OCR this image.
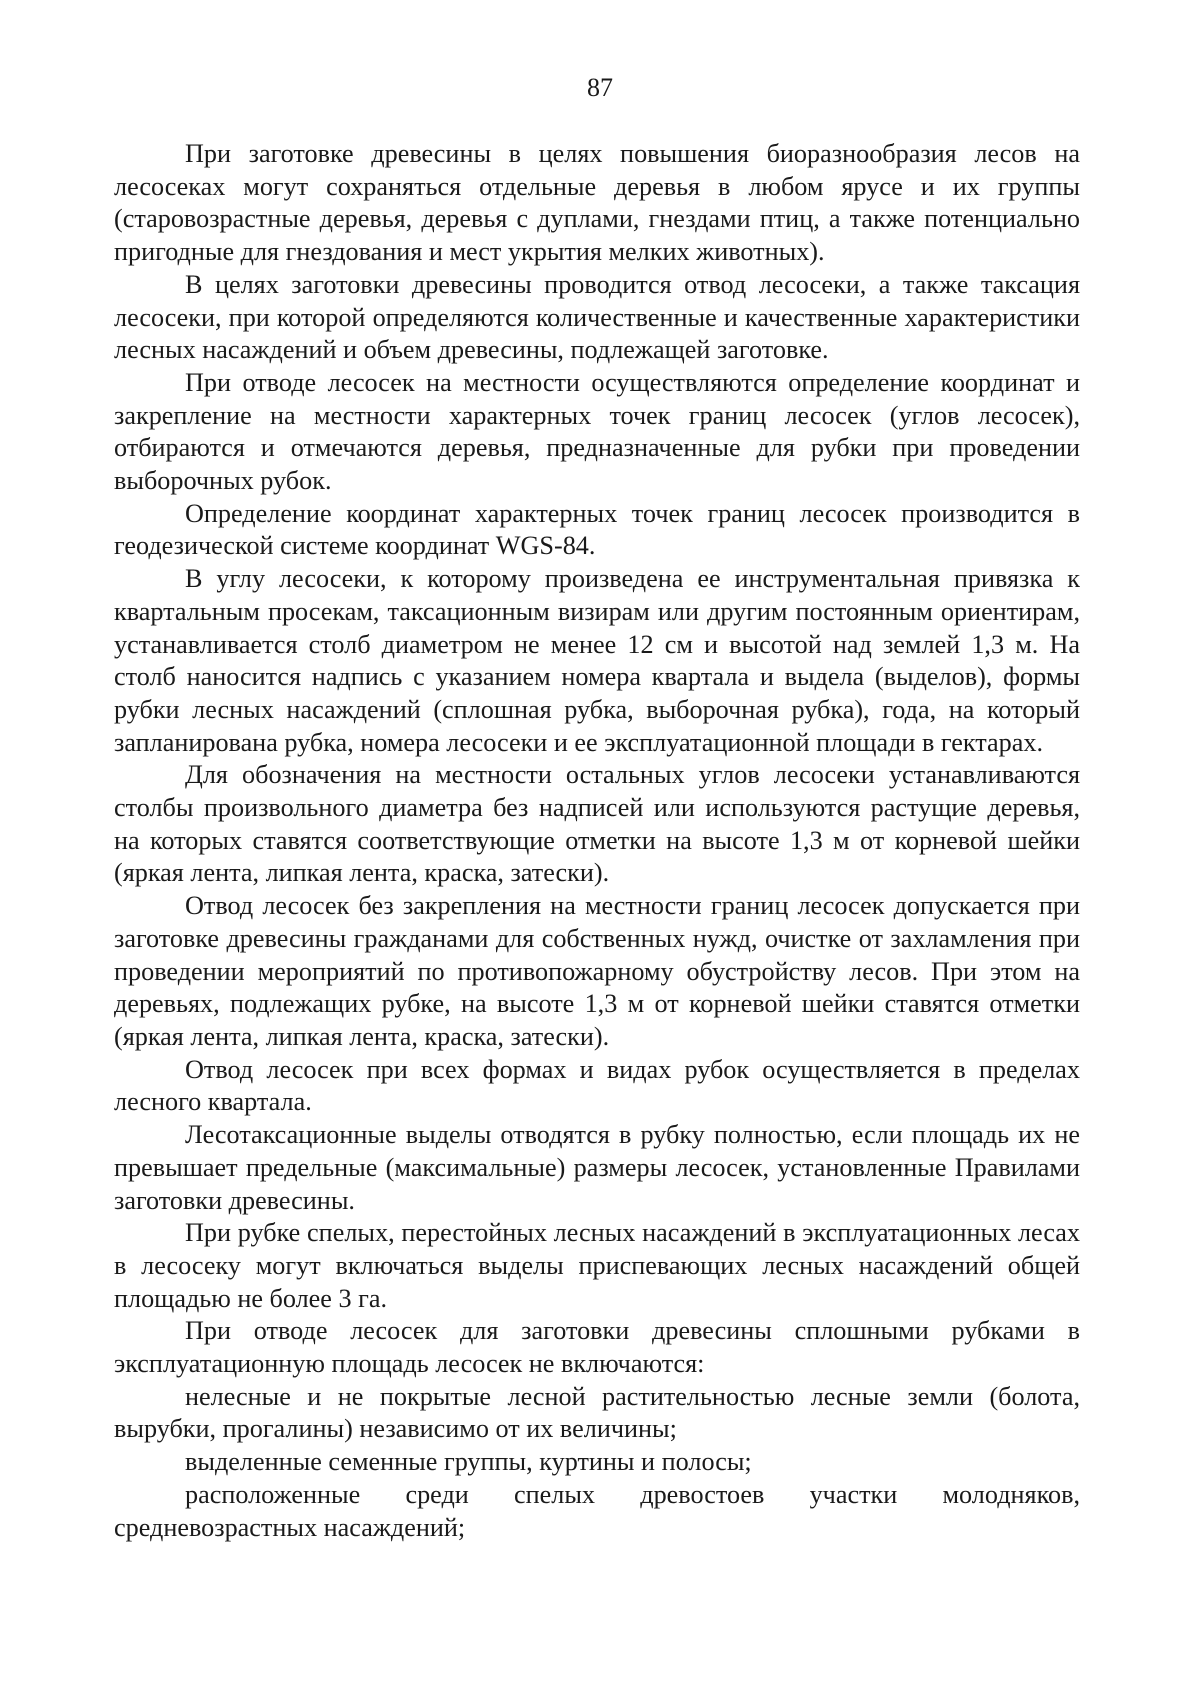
87

При заготовке древесины в целях повышения биоразнообразия лесов на лесосеках могут сохраняться отдельные деревья в любом ярусе и их группы (старовозрастные деревья, деревья с дуплами, гнездами птиц, а также потенциально пригодные для гнездования и мест укрытия мелких животных).

В целях заготовки древесины проводится отвод лесосеки, а также таксация лесосеки, при которой определяются количественные и качественные характеристики лесных насаждений и объем древесины, подлежащей заготовке.

При отводе лесосек на местности осуществляются определение координат и закрепление на местности характерных точек границ лесосек (углов лесосек), отбираются и отмечаются деревья, предназначенные для рубки при проведении выборочных рубок.

Определение координат характерных точек границ лесосек производится в геодезической системе координат WGS-84.

В углу лесосеки, к которому произведена ее инструментальная привязка к квартальным просекам, таксационным визирам или другим постоянным ориентирам, устанавливается столб диаметром не менее 12 см и высотой над землей 1,3 м. На столб наносится надпись с указанием номера квартала и выдела (выделов), формы рубки лесных насаждений (сплошная рубка, выборочная рубка), года, на который запланирована рубка, номера лесосеки и ее эксплуатационной площади в гектарах.

Для обозначения на местности остальных углов лесосеки устанавливаются столбы произвольного диаметра без надписей или используются растущие деревья, на которых ставятся соответствующие отметки на высоте 1,3 м от корневой шейки (яркая лента, липкая лента, краска, затески).

Отвод лесосек без закрепления на местности границ лесосек допускается при заготовке древесины гражданами для собственных нужд, очистке от захламления при проведении мероприятий по противопожарному обустройству лесов. При этом на деревьях, подлежащих рубке, на высоте 1,3 м от корневой шейки ставятся отметки (яркая лента, липкая лента, краска, затески).

Отвод лесосек при всех формах и видах рубок осуществляется в пределах лесного квартала.

Лесотаксационные выделы отводятся в рубку полностью, если площадь их не превышает предельные (максимальные) размеры лесосек, установленные Правилами заготовки древесины.

При рубке спелых, перестойных лесных насаждений в эксплуатационных лесах в лесосеку могут включаться выделы приспевающих лесных насаждений общей площадью не более 3 га.

При отводе лесосек для заготовки древесины сплошными рубками в эксплуатационную площадь лесосек не включаются:

нелесные и не покрытые лесной растительностью лесные земли (болота, вырубки, прогалины) независимо от их величины;

выделенные семенные группы, куртины и полосы;

расположенные среди спелых древостоев участки молодняков, средневозрастных насаждений;
